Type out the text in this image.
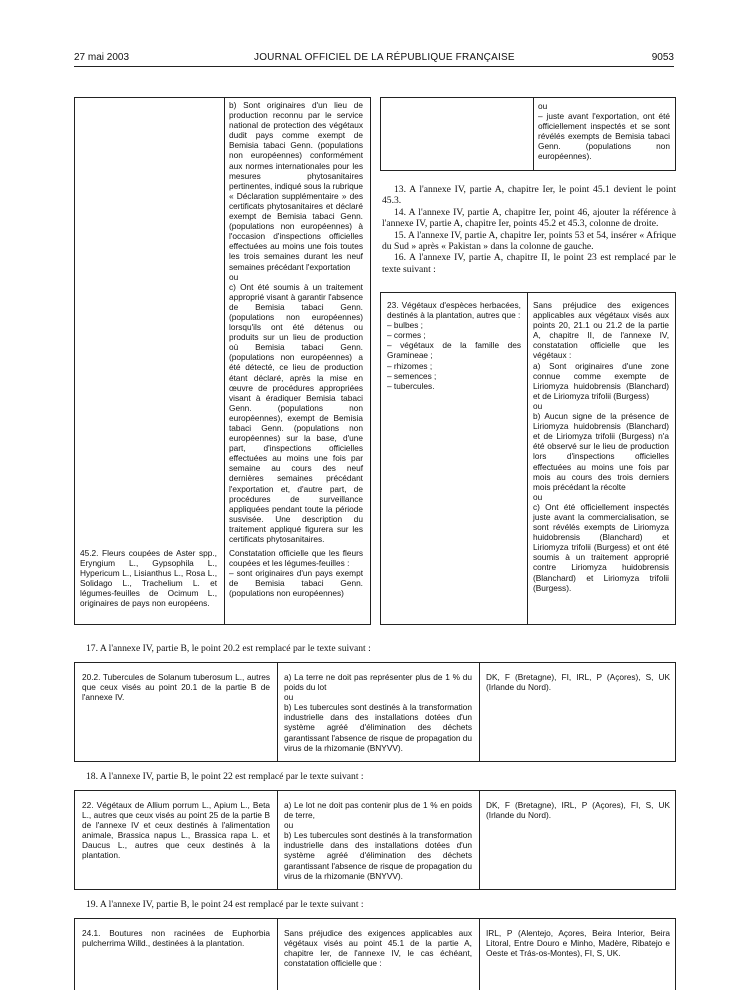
27 mai 2003	JOURNAL OFFICIEL DE LA RÉPUBLIQUE FRANÇAISE	9053
b) Sont originaires d'un lieu de production reconnu par le service national de protection des végétaux dudit pays comme exempt de Bemisia tabaci Genn. (populations non européennes) conformément aux normes internationales pour les mesures phytosanitaires pertinentes, indiqué sous la rubrique « Déclaration supplémentaire » des certificats phytosanitaires et déclaré exempt de Bemisia tabaci Genn. (populations non européennes) à l'occasion d'inspections officielles effectuées au moins une fois toutes les trois semaines durant les neuf semaines précédant l'exportation
ou
c) Ont été soumis à un traitement approprié visant à garantir l'absence de Bemisia tabaci Genn. (populations non européennes) lorsqu'ils ont été détenus ou produits sur un lieu de production où Bemisia tabaci Genn. (populations non européennes) a été détecté, ce lieu de production étant déclaré, après la mise en œuvre de procédures appropriées visant à éradiquer Bemisia tabaci Genn. (populations non européennes), exempt de Bemisia tabaci Genn. (populations non européennes) sur la base, d'une part, d'inspections officielles effectuées au moins une fois par semaine au cours des neuf dernières semaines précédant l'exportation et, d'autre part, de procédures de surveillance appliquées pendant toute la période susvisée. Une description du traitement appliqué figurera sur les certificats phytosanitaires.
45.2. Fleurs coupées de Aster spp., Eryngium L., Gypsophila L., Hypericum L., Lisianthus L., Rosa L., Solidago L., Trachelium L. et légumes-feuilles de Ocimum L., originaires de pays non européens.
Constatation officielle que les fleurs coupées et les légumes-feuilles :
– sont originaires d'un pays exempt de Bemisia tabaci Genn. (populations non européennes)
ou
– juste avant l'exportation, ont été officiellement inspectés et se sont révélés exempts de Bemisia tabaci Genn. (populations non européennes).

13. A l'annexe IV, partie A, chapitre Ier, le point 45.1 devient le point 45.3.

14. A l'annexe IV, partie A, chapitre Ier, point 46, ajouter la référence à l'annexe IV, partie A, chapitre Ier, points 45.2 et 45.3, colonne de droite.

15. A l'annexe IV, partie A, chapitre Ier, points 53 et 54, insérer « Afrique du Sud » après « Pakistan » dans la colonne de gauche.

16. A l'annexe IV, partie A, chapitre II, le point 23 est remplacé par le texte suivant :

23. Végétaux d'espèces herbacées, destinés à la plantation, autres que :
– bulbes ;
– cormes ;
– végétaux de la famille des Gramineae ;
– rhizomes ;
– semences ;
– tubercules.
Sans préjudice des exigences applicables aux végétaux visés aux points 20, 21.1 ou 21.2 de la partie A, chapitre II, de l'annexe IV, constatation officielle que les végétaux :
a) Sont originaires d'une zone connue comme exempte de Liriomyza huidobrensis (Blanchard) et de Liriomyza trifolii (Burgess)
ou
b) Aucun signe de la présence de Liriomyza huidobrensis (Blanchard) et de Liriomyza trifolii (Burgess) n'a été observé sur le lieu de production lors d'inspections officielles effectuées au moins une fois par mois au cours des trois derniers mois précédant la récolte
ou
c) Ont été officiellement inspectés juste avant la commercialisation, se sont révélés exempts de Liriomyza huidobrensis (Blanchard) et Liriomyza trifolii (Burgess) et ont été soumis à un traitement approprié contre Liriomyza huidobrensis (Blanchard) et Liriomyza trifolii (Burgess).
17. A l'annexe IV, partie B, le point 20.2 est remplacé par le texte suivant :
20.2. Tubercules de Solanum tuberosum L., autres que ceux visés au point 20.1 de la partie B de l'annexe IV.
a) La terre ne doit pas représenter plus de 1 % du poids du lot
ou
b) Les tubercules sont destinés à la transformation industrielle dans des installations dotées d'un système agréé d'élimination des déchets garantissant l'absence de risque de propagation du virus de la rhizomanie (BNYVV).
DK, F (Bretagne), FI, IRL, P (Açores), S, UK (Irlande du Nord).
18. A l'annexe IV, partie B, le point 22 est remplacé par le texte suivant :
22. Végétaux de Allium porrum L., Apium L., Beta L., autres que ceux visés au point 25 de la partie B de l'annexe IV et ceux destinés à l'alimentation animale, Brassica napus L., Brassica rapa L. et Daucus L., autres que ceux destinés à la plantation.
a) Le lot ne doit pas contenir plus de 1 % en poids de terre,
ou
b) Les tubercules sont destinés à la transformation industrielle dans des installations dotées d'un système agréé d'élimination des déchets garantissant l'absence de risque de propagation du virus de la rhizomanie (BNYVV).
DK, F (Bretagne), IRL, P (Açores), FI, S, UK (Irlande du Nord).
19. A l'annexe IV, partie B, le point 24 est remplacé par le texte suivant :
24.1. Boutures non racinées de Euphorbia pulcherrima Willd., destinées à la plantation.
Sans préjudice des exigences applicables aux végétaux visés au point 45.1 de la partie A, chapitre Ier, de l'annexe IV, le cas échéant, constatation officielle que :
IRL, P (Alentejo, Açores, Beira Interior, Beira Litoral, Entre Douro e Minho, Madère, Ribatejo e Oeste et Trás-os-Montes), FI, S, UK.
